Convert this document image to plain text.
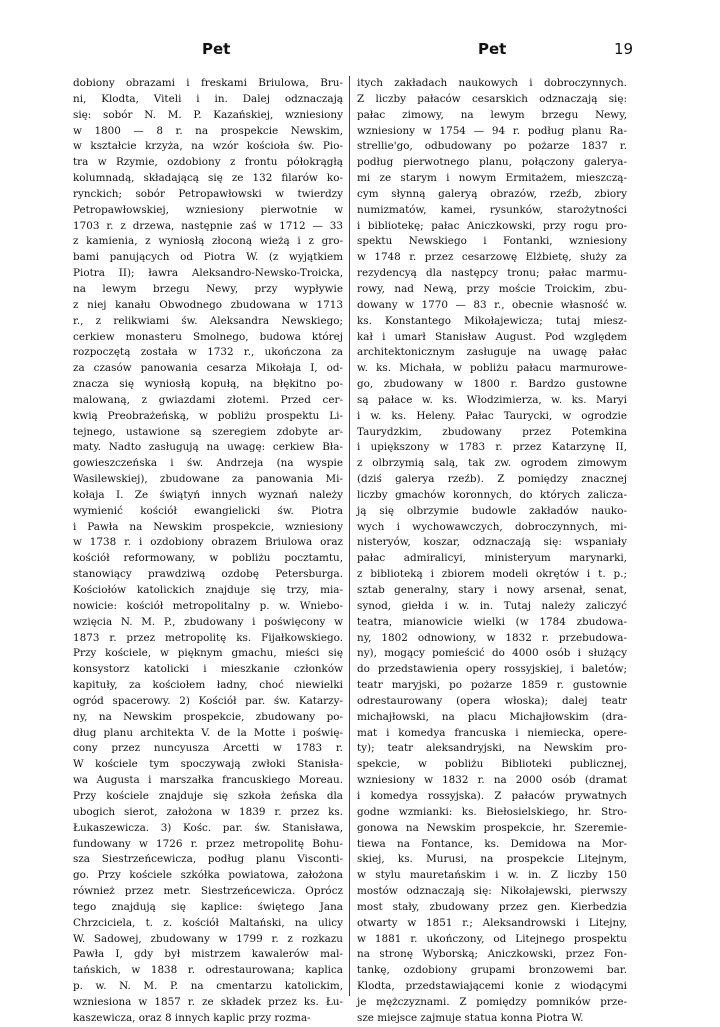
Pet	Pet	19
dobiony obrazami i freskami Briulowa, Bru-
ni, Klodta, Viteli i in. Dalej odznaczają
się: sobór N. M. P. Kazańskiej, wzniesiony
w 1800 — 8 r. na prospekcie Newskim,
w kształcie krzyża, na wzór kościoła św. Pio-
tra w Rzymie, ozdobiony z frontu półokrągłą
kolumnadą, składającą się ze 132 filarów ko-
rynckich; sobór Petropawłowski w twierdzy
Petropawłowskiej, wzniesiony pierwotnie w
1703 r. z drzewa, następnie zaś w 1712 — 33
z kamienia, z wyniosłą złoconą wieżą i z gro-
bami panujących od Piotra W. (z wyjątkiem
Piotra II); ławra Aleksandro-Newsko-Troicka,
na lewym brzegu Newy, przy wypływie
z niej kanału Obwodnego zbudowana w 1713
r., z relikwiami św. Aleksandra Newskiego;
cerkiew monasteru Smolnego, budowa której
rozpoczętą została w 1732 r., ukończona za
za czasów panowania cesarza Mikołaja I, od-
znacza się wyniosłą kopułą, na błękitno po-
malowaną, z gwiazdami złotemi. Przed cer-
kwią Preobrażeńską, w pobliżu prospektu Li-
tejnego, ustawione są szeregiem zdobyte ar-
maty. Nadto zasługują na uwagę: cerkiew Bła-
gowieszczeńska i św. Andrzeja (na wyspie
Wasilewskiej), zbudowane za panowania Mi-
kołaja I. Ze świątyń innych wyznań należy
wymienić kościół ewangielicki św. Piotra
i Pawła na Newskim prospekcie, wzniesiony
w 1738 r. i ozdobiony obrazem Briulowa oraz
kościół reformowany, w pobliżu pocztamtu,
stanowiący prawdziwą ozdobę Petersburga.
Kościołów katolickich znajduje się trzy, mia-
nowicie: kościół metropolitalny p. w. Wniebo-
wzięcia N. M. P., zbudowany i poświęcony w
1873 r. przez metropolitę ks. Fijałkowskiego.
Przy kościele, w pięknym gmachu, mieści się
konsystorz katolicki i mieszkanie członków
kapituły, za kościołem ładny, choć niewielki
ogród spacerowy. 2) Kościół par. św. Katarzy-
ny, na Newskim prospekcie, zbudowany po-
dług planu architekta V. de la Motte i poświę-
cony przez nuncyusza Arcetti w 1783 r.
W kościele tym spoczywają zwłoki Stanisła-
wa Augusta i marszałka francuskiego Moreau.
Przy kościele znajduje się szkoła żeńska dla
ubogich sierot, założona w 1839 r. przez ks.
Łukaszewicza. 3) Kośc. par. św. Stanisława,
fundowany w 1726 r. przez metropolitę Bohu-
sza Siestrzeńcewicza, podług planu Visconti-
go. Przy kościele szkółka powiatowa, założona
również przez metr. Siestrzeńcewicza. Oprócz
tego znajdują się kaplice: świętego Jana
Chrzciciela, t. z. kościół Maltański, na ulicy
W. Sadowej, zbudowany w 1799 r. z rozkazu
Pawła I, gdy był mistrzem kawalerów mal-
tańskich, w 1838 r. odrestaurowana; kaplica
p. w. N. M. P. na cmentarzu katolickim,
wzniesiona w 1857 r. ze składek przez ks. Łu-
kaszewicza, oraz 8 innych kaplic przy rozma-
itych zakładach naukowych i dobroczynnych.
Z liczby pałaców cesarskich odznaczają się:
pałac zimowy, na lewym brzegu Newy,
wzniesiony w 1754 — 94 r. podług planu Ra-
strellie'go, odbudowany po pożarze 1837 r.
podług pierwotnego planu, połączony galerya-
mi ze starym i nowym Ermitażem, mieszczą-
cym słynną galeryą obrazów, rzeźb, zbiory
numizmatów, kamei, rysunków, starożytności
i bibliotekę; pałac Aniczkowski, przy rogu pro-
spektu Newskiego i Fontanki, wzniesiony
w 1748 r. przez cesarzowę Elżbietę, służy za
rezydencyą dla następcy tronu; pałac marmu-
rowy, nad Newą, przy moście Troickim, zbu-
dowany w 1770 — 83 r., obecnie własność w.
ks. Konstantego Mikołajewicza; tutaj miesz-
kał i umarł Stanisław August. Pod względem
architektonicznym zasługuje na uwagę pałac
w. ks. Michała, w pobliżu pałacu marmurowe-
go, zbudowany w 1800 r. Bardzo gustowne
są pałace w. ks. Włodzimierza, w. ks. Maryi
i w. ks. Heleny. Pałac Taurycki, w ogrodzie
Taurydzkim, zbudowany przez Potemkina
i upiększony w 1783 r. przez Katarzynę II,
z olbrzymią salą, tak zw. ogrodem zimowym
(dziś galerya rzeźb). Z pomiędzy znacznej
liczby gmachów koronnych, do których zalicza-
ją się olbrzymie budowle zakładów nauko-
wych i wychowawczych, dobroczynnych, mi-
nisteryów, koszar, odznaczają się: wspaniały
pałac admiralicyi, ministeryum marynarki,
z biblioteką i zbiorem modeli okrętów i t. p.;
sztab generalny, stary i nowy arsenał, senat,
synod, giełda i w. in. Tutaj należy zaliczyć
teatra, mianowicie wielki (w 1784 zbudowa-
ny, 1802 odnowiony, w 1832 r. przebudowa-
ny), mogący pomieścić do 4000 osób i służący
do przedstawienia opery rossyjskiej, i baletów;
teatr maryjski, po pożarze 1859 r. gustownie
odrestaurowany (opera włoska); dalej teatr
michajłowski, na placu Michajłowskim (dra-
mat i komedya francuska i niemiecka, opere-
ty); teatr aleksandryjski, na Newskim pro-
spekcie, w pobliżu Biblioteki publicznej,
wzniesiony w 1832 r. na 2000 osób (dramat
i komedya rossyjska). Z pałaców prywatnych
godne wzmianki: ks. Biełosielskiego, hr. Stro-
gonowa na Newskim prospekcie, hr. Szeremie-
tiewa na Fontance, ks. Demidowa na Mor-
skiej, ks. Murusi, na prospekcie Litejnym,
w stylu mauretańskim i w. in. Z liczby 150
mostów odznaczają się: Nikołajewski, pierwszy
most stały, zbudowany przez gen. Kierbedzia
otwarty w 1851 r.; Aleksandrowski i Litejny,
w 1881 r. ukończony, od Litejnego prospektu
na stronę Wyborską; Aniczkowski, przez Fon-
tankę, ozdobiony grupami bronzowemi bar.
Klodta, przedstawiającemi konie z wiodącymi
je mężczyznami. Z pomiędzy pomników prze-
sze miejsce zajmuje statua konna Piotra W.
